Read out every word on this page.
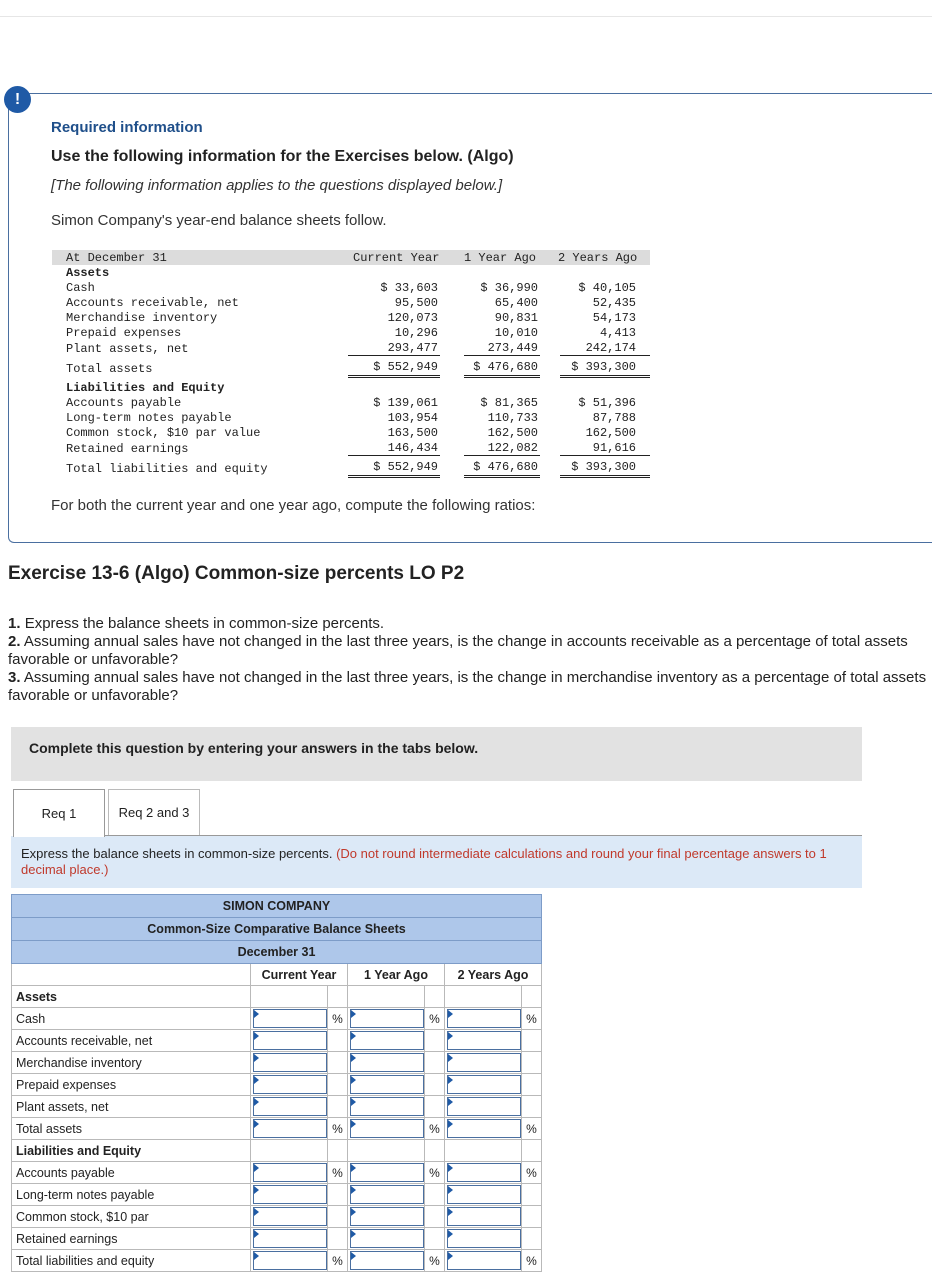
!
Required information
Use the following information for the Exercises below. (Algo)
[The following information applies to the questions displayed below.]
Simon Company's year-end balance sheets follow.
At December 31	Current Year 1 Year Ago 2 Years Ago
Assets
Cash	$ 33,603	$ 36,990	$ 40,105
Accounts receivable, net	95,500	65,400	52,435
Merchandise inventory	120,073	90,831	54,173
Prepaid expenses	10,296	10,010	4,413
Plant assets, net	293,477	273,449	242,174
Total assets	$ 552,949	$ 476,680	$ 393,300
Liabilities and Equity
Accounts payable	$ 139,061	$ 81,365	$ 51,396
Long-term notes payable	103,954	110,733	87,788
Common stock, $10 par value	163,500	162,500	162,500
Retained earnings	146,434	122,082	91,616
Total liabilities and equity	$ 552,949	$ 476,680	$ 393,300
For both the current year and one year ago, compute the following ratios:
Exercise 13-6 (Algo) Common-size percents LO P2

1. Express the balance sheets in common-size percents.

2. Assuming annual sales have not changed in the last three years, is the change in accounts receivable as a percentage of total assets favorable or unfavorable?

3. Assuming annual sales have not changed in the last three years, is the change in merchandise inventory as a percentage of total assets favorable or unfavorable?

Complete this question by entering your answers in the tabs below.
Req 1	Req 2 and 3
Express the balance sheets in common-size percents. (Do not round intermediate calculations and round your final percentage answers to 1 decimal place.)
SIMON COMPANY						
Common-Size Comparative Balance Sheets						
December 31						
	Current Year		1 Year Ago		2 Years Ago	
Assets						
Cash		%		%		%
Accounts receivable, net	

Merchandise inventory	

Prepaid expenses	

Plant assets, net	

Total assets		%		%		%
Liabilities and Equity						
Accounts payable		%		%		%
Long-term notes payable	

Common stock, $10 par	

Retained earnings	

Total liabilities and equity		%		%		%
